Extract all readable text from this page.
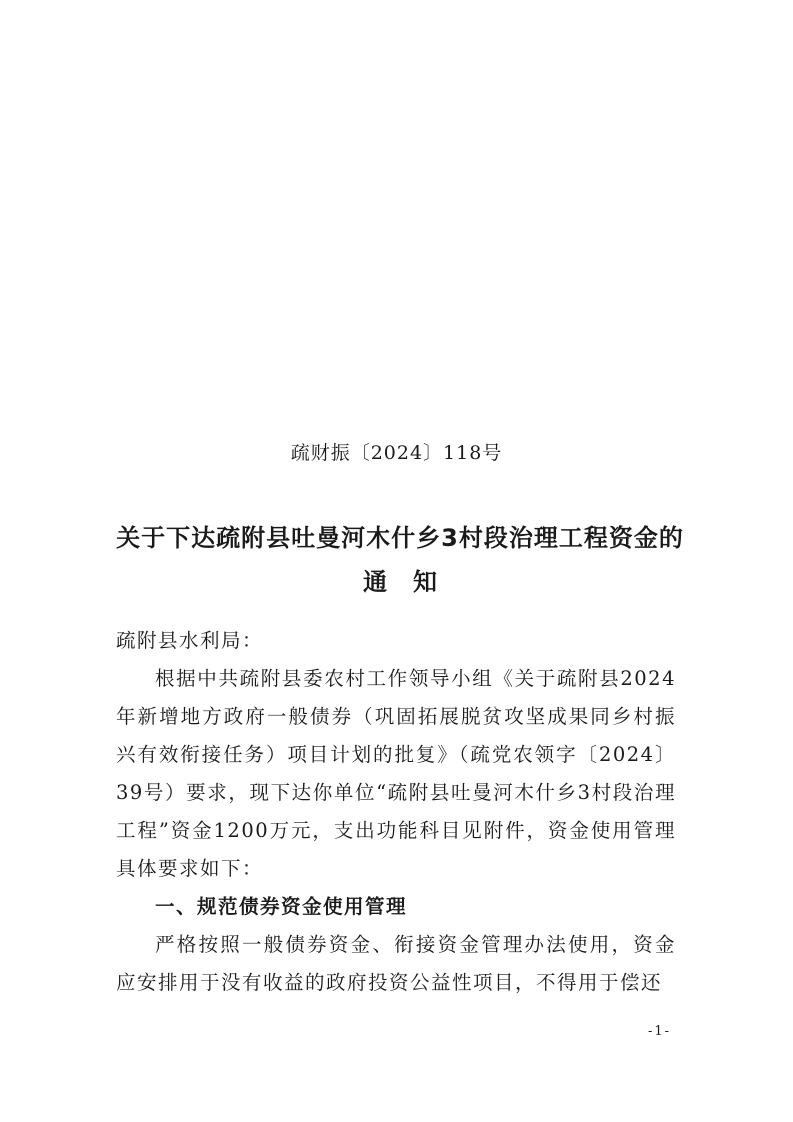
疏财振〔2024〕118号
关于下达疏附县吐曼河木什乡3村段治理工程资金的
通知

疏附县水利局：

根据中共疏附县委农村工作领导小组《关于疏附县2024年新增地方政府一般债券（巩固拓展脱贫攻坚成果同乡村振兴有效衔接任务）项目计划的批复》（疏党农领字〔2024〕39号）要求，现下达你单位“疏附县吐曼河木什乡3村段治理工程”资金1200万元，支出功能科目见附件，资金使用管理具体要求如下：

一、规范债券资金使用管理

严格按照一般债券资金、衔接资金管理办法使用，资金应安排用于没有收益的政府投资公益性项目，不得用于偿还

-1-
